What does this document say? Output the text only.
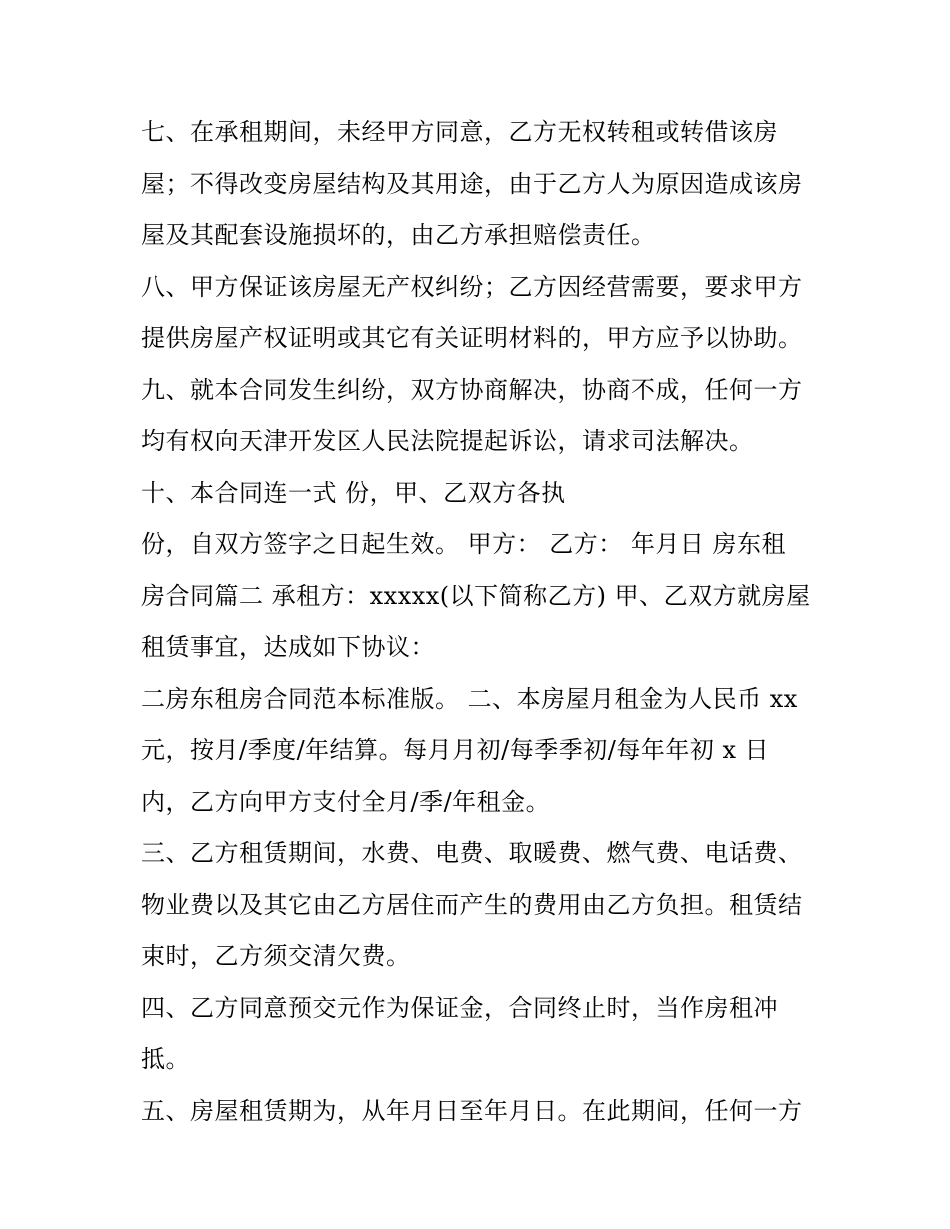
七、在承租期间，未经甲方同意，乙方无权转租或转借该房
屋；不得改变房屋结构及其用途，由于乙方人为原因造成该房
屋及其配套设施损坏的，由乙方承担赔偿责任。
八、甲方保证该房屋无产权纠纷；乙方因经营需要，要求甲方
提供房屋产权证明或其它有关证明材料的，甲方应予以协助。
九、就本合同发生纠纷，双方协商解决，协商不成，任何一方
均有权向天津开发区人民法院提起诉讼，请求司法解决。
十、本合同连一式 份，甲、乙双方各执
份，自双方签字之日起生效。 甲方： 乙方： 年月日 房东租
房合同篇二 承租方：xxxxx(以下简称乙方) 甲、乙双方就房屋
租赁事宜，达成如下协议：
二房东租房合同范本标准版。 二、本房屋月租金为人民币 xx
元，按月/季度/年结算。每月月初/每季季初/每年年初 x 日
内，乙方向甲方支付全月/季/年租金。
三、乙方租赁期间，水费、电费、取暖费、燃气费、电话费、
物业费以及其它由乙方居住而产生的费用由乙方负担。租赁结
束时，乙方须交清欠费。
四、乙方同意预交元作为保证金，合同终止时，当作房租冲
抵。
五、房屋租赁期为，从年月日至年月日。在此期间，任何一方
